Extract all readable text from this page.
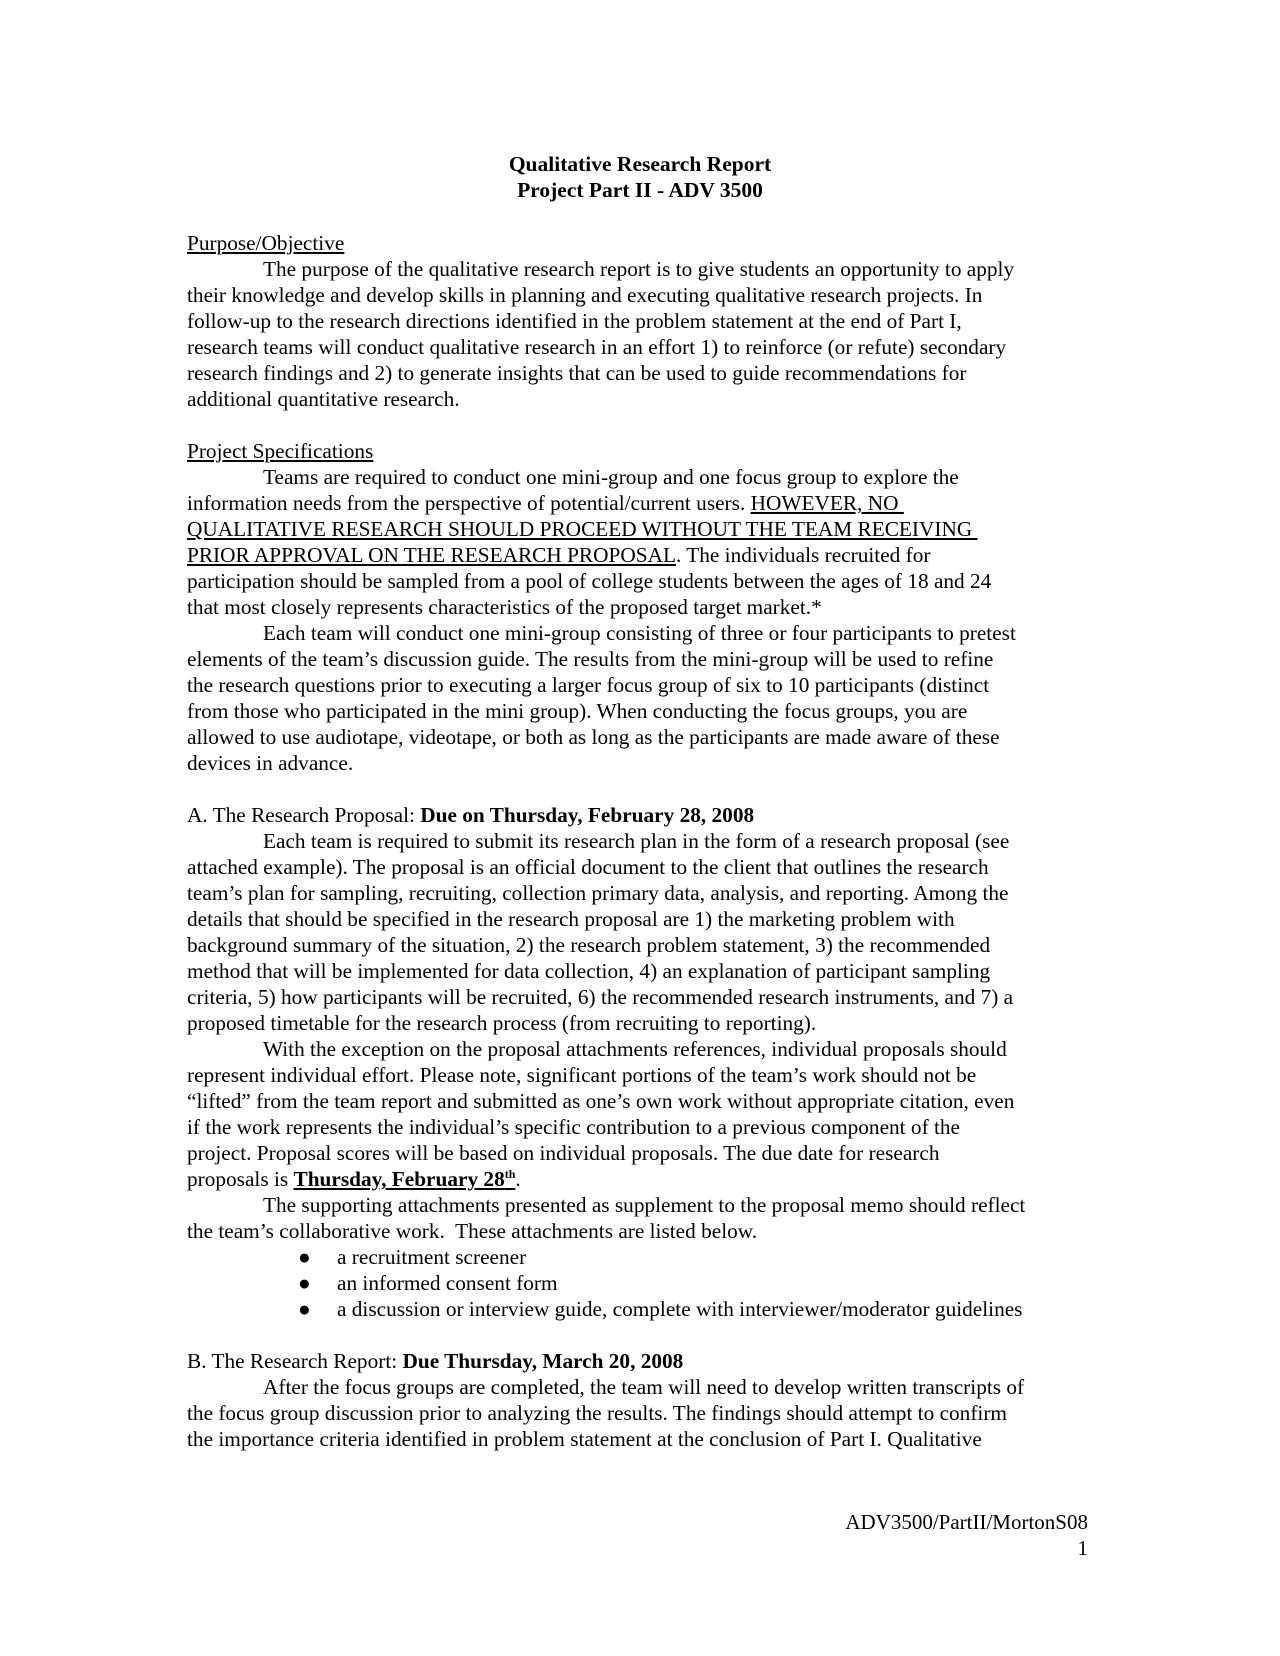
Qualitative Research Report
Project Part II - ADV 3500
Purpose/Objective
The purpose of the qualitative research report is to give students an opportunity to apply
their knowledge and develop skills in planning and executing qualitative research projects. In
follow-up to the research directions identified in the problem statement at the end of Part I,
research teams will conduct qualitative research in an effort 1) to reinforce (or refute) secondary
research findings and 2) to generate insights that can be used to guide recommendations for
additional quantitative research.
Project Specifications
Teams are required to conduct one mini-group and one focus group to explore the
information needs from the perspective of potential/current users. HOWEVER, NO
QUALITATIVE RESEARCH SHOULD PROCEED WITHOUT THE TEAM RECEIVING
PRIOR APPROVAL ON THE RESEARCH PROPOSAL. The individuals recruited for
participation should be sampled from a pool of college students between the ages of 18 and 24
that most closely represents characteristics of the proposed target market.*
Each team will conduct one mini-group consisting of three or four participants to pretest
elements of the team’s discussion guide. The results from the mini-group will be used to refine
the research questions prior to executing a larger focus group of six to 10 participants (distinct
from those who participated in the mini group). When conducting the focus groups, you are
allowed to use audiotape, videotape, or both as long as the participants are made aware of these
devices in advance.
A. The Research Proposal: Due on Thursday, February 28, 2008
Each team is required to submit its research plan in the form of a research proposal (see
attached example). The proposal is an official document to the client that outlines the research
team’s plan for sampling, recruiting, collection primary data, analysis, and reporting. Among the
details that should be specified in the research proposal are 1) the marketing problem with
background summary of the situation, 2) the research problem statement, 3) the recommended
method that will be implemented for data collection, 4) an explanation of participant sampling
criteria, 5) how participants will be recruited, 6) the recommended research instruments, and 7) a
proposed timetable for the research process (from recruiting to reporting).
With the exception on the proposal attachments references, individual proposals should
represent individual effort. Please note, significant portions of the team’s work should not be
“lifted” from the team report and submitted as one’s own work without appropriate citation, even
if the work represents the individual’s specific contribution to a previous component of the
project. Proposal scores will be based on individual proposals. The due date for research
proposals is Thursday, February 28th.
The supporting attachments presented as supplement to the proposal memo should reflect
the team’s collaborative work.  These attachments are listed below.
● a recruitment screener
● an informed consent form
● a discussion or interview guide, complete with interviewer/moderator guidelines
B. The Research Report: Due Thursday, March 20, 2008
After the focus groups are completed, the team will need to develop written transcripts of
the focus group discussion prior to analyzing the results. The findings should attempt to confirm
the importance criteria identified in problem statement at the conclusion of Part I. Qualitative
ADV3500/PartII/MortonS08
1
